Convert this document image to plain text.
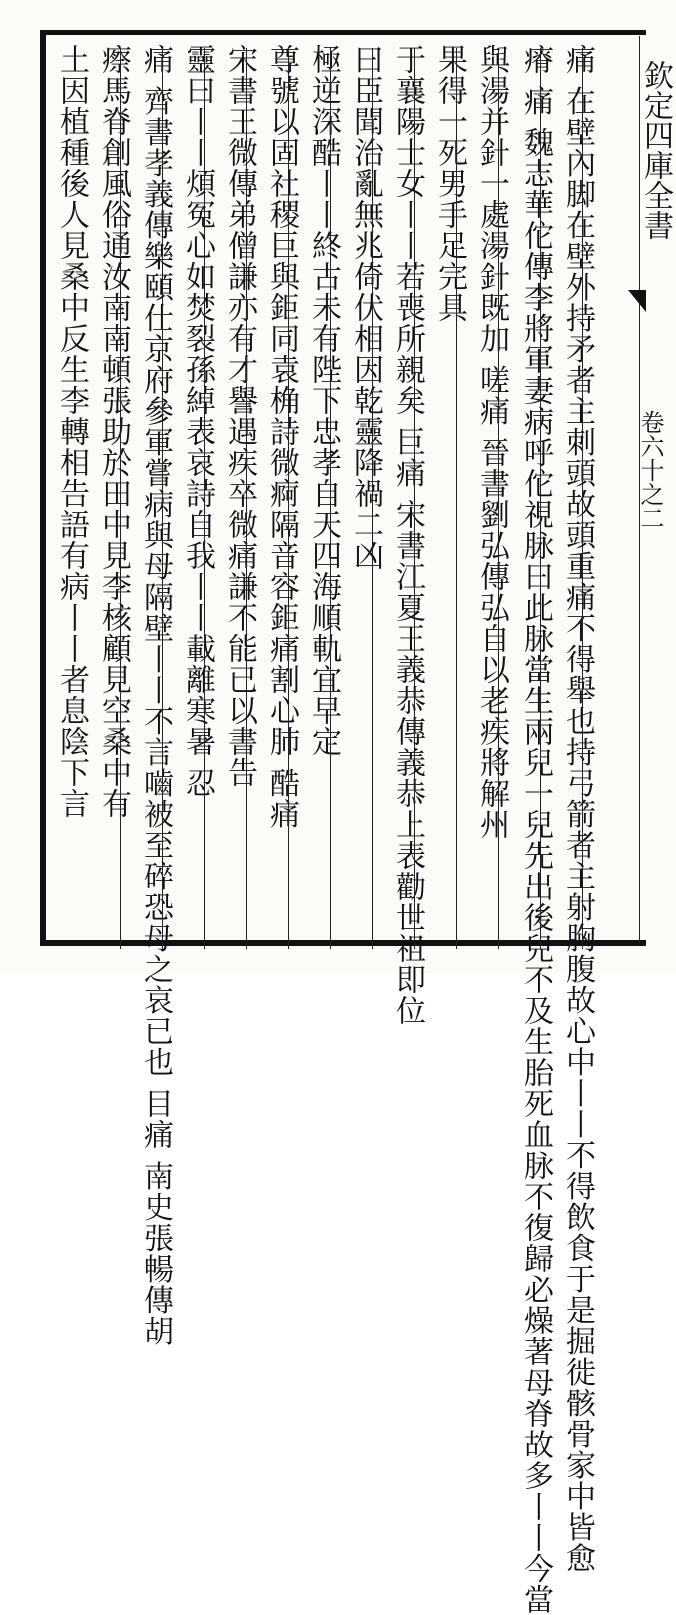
欽定四庫全書
卷六十之二
痛 在壁內脚在壁外持矛者主刺頭故頭重痛不得舉也持弓箭者主射胸腹故心中丨丨不得飲食于是掘徙骸骨家中皆愈
瘠 痛 魏志華佗傳李將軍妻病呼佗視脉曰此脉當生兩兒一兒先出後兒不及生胎死血脉不復歸必燥著母脊故多丨丨今當
與湯并針一處湯針既加 嗟痛 晉書劉弘傳弘自以老疾將解州
果得一死男手足完具
于襄陽士女丨丨若喪所親矣 巨痛 宋書江夏王義恭傳義恭上表勸世祖即位
曰臣聞治亂無兆倚伏相因乾靈降禍二凶
極逆深酷丨丨終古未有陛下忠孝自天四海順軌宜早定
尊號以固社稷巨與鉅同袁桷詩微痾隔音容鉅痛割心肺 酷痛
宋書王微傳弟僧謙亦有才譽遇疾卒微痛謙不能已以書告
靈曰丨丨煩冤心如焚裂孫綽表哀詩自我丨丨載離寒暑 忍
痛 齊書孝義傳樂頤仕京府參軍嘗病與母隔壁丨丨不言嚙被至碎恐母之哀已也 目痛 南史張暢傳胡
瘵馬脊創風俗通汝南南頓張助於田中見李核顧見空桑中有
土因植種後人見桑中反生李轉相告語有病丨丨者息陰下言
